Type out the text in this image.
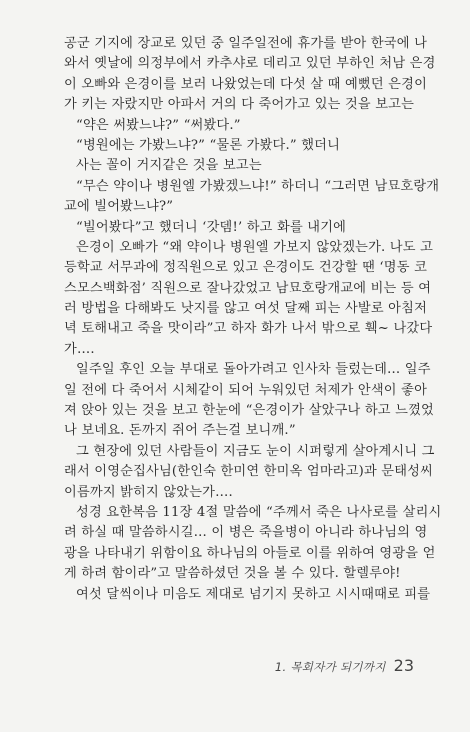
공군 기지에 장교로 있던 중 일주일전에 휴가를 받아 한국에 나
와서 옛날에 의정부에서 카추샤로 데리고 있던 부하인 처남 은경
이 오빠와 은경이를 보러 나왔었는데 다섯 살 때 예뻤던 은경이
가 키는 자랐지만 아파서 거의 다 죽어가고 있는 것을 보고는
“약은 써봤느냐?” “써봤다.”
“병원에는 가봤느냐?” “물론 가봤다.” 했더니
사는 꼴이 거지같은 것을 보고는
“무슨 약이나 병원엘 가봤겠느냐!” 하더니 “그러면 남묘호랑개
교에 빌어봤느냐?”
“빌어봤다”고 했더니 ‘갓뎀!’ 하고 화를 내기에
은경이 오빠가 “왜 약이나 병원엘 가보지 않았겠는가. 나도 고
등학교 서무과에 정직원으로 있고 은경이도 건강할 땐 ‘명동 코
스모스백화점’ 직원으로 잘나갔었고 남묘호랑개교에 비는 등 여
러 방법을 다해봐도 낫지를 않고 여섯 달째 피는 사발로 아침저
녁 토해내고 죽을 맛이라”고 하자 화가 나서 밖으로 훽~ 나갔다
가….
일주일 후인 오늘 부대로 돌아가려고 인사차 들렀는데… 일주
일 전에 다 죽어서 시체같이 되어 누워있던 처제가 안색이 좋아
져 앉아 있는 것을 보고 한눈에 “은경이가 살았구나 하고 느꼈었
나 보네요. 돈까지 쥐어 주는걸 보니깨.”
그 현장에 있던 사람들이 지금도 눈이 시퍼렇게 살아계시니 그
래서 이영순집사님(한인숙 한미연 한미옥 엄마라고)과 문태성씨
이름까지 밝히지 않았는가….
성경 요한복음 11장 4절 말씀에 “주께서 죽은 나사로를 살리시
려 하실 때 말씀하시길… 이 병은 죽을병이 아니라 하나님의 영
광을 나타내기 위함이요 하나님의 아들로 이를 위하여 영광을 얻
게 하려 함이라”고 말씀하셨던 것을 볼 수 있다. 할렐루야!
여섯 달씩이나 미음도 제대로 넘기지 못하고 시시때때로 피를
1. 목회자가 되기까지 23
